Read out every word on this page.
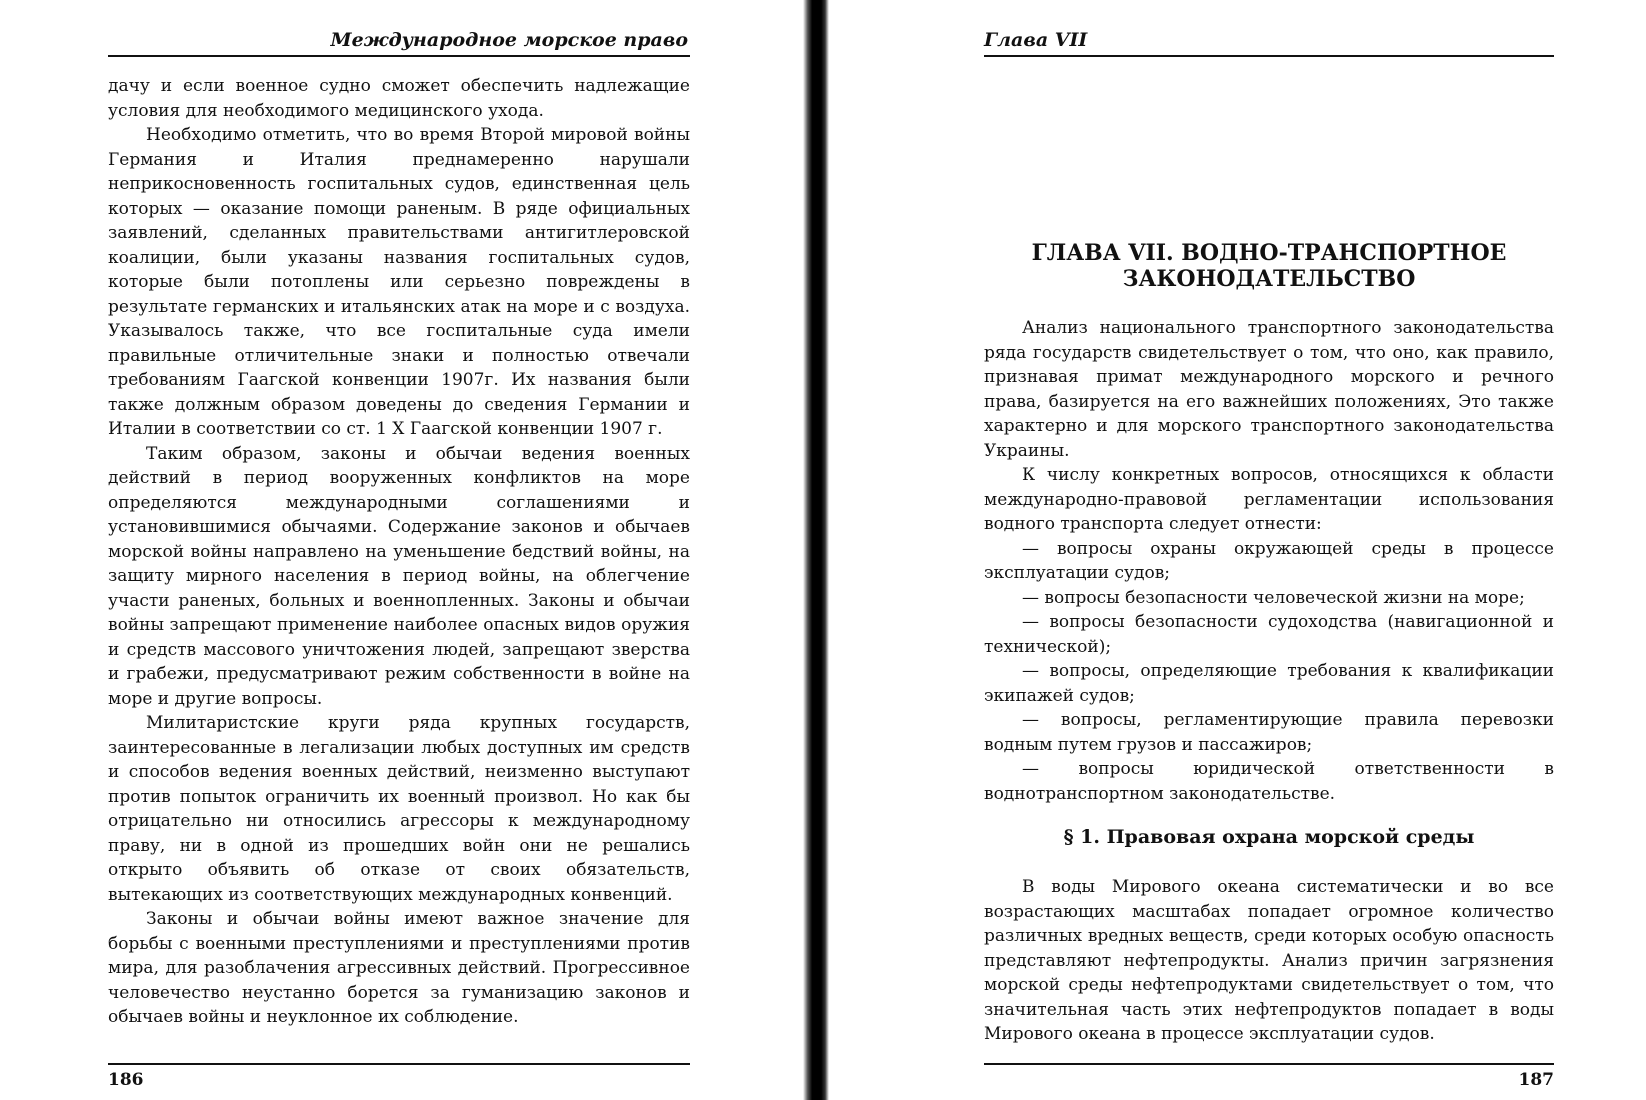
Международное морское право

дачу и если военное судно сможет обеспечить надлежащие условия для необходимого медицинского ухода.

Необходимо отметить, что во время Второй мировой войны Германия и Италия преднамеренно нарушали неприкосновенность госпитальных судов, единственная цель которых — оказание помощи раненым. В ряде официальных заявлений, сделанных правительствами антигитлеровской коалиции, были указаны названия госпитальных судов, которые были потоплены или серьезно повреждены в результате германских и итальянских атак на море и с воздуха. Указывалось также, что все госпитальные суда имели правильные отличительные знаки и полностью отвечали требованиям Гаагской конвенции 1907г. Их названия были также должным образом доведены до сведения Германии и Италии в соответствии со ст. 1 X Гаагской конвенции 1907 г.

Таким образом, законы и обычаи ведения военных действий в период вооруженных конфликтов на море определяются международными соглашениями и установившимися обычаями. Содержание законов и обычаев морской войны направлено на уменьшение бедствий войны, на защиту мирного населения в период войны, на облегчение участи раненых, больных и военнопленных. Законы и обычаи войны запрещают применение наиболее опасных видов оружия и средств массового уничтожения людей, запрещают зверства и грабежи, предусматривают режим собственности в войне на море и другие вопросы.

Милитаристские круги ряда крупных государств, заинтересованные в легализации любых доступных им средств и способов ведения военных действий, неизменно выступают против попыток ограничить их военный произвол. Но как бы отрицательно ни относились агрессоры к международному праву, ни в одной из прошедших войн они не решались открыто объявить об отказе от своих обязательств, вытекающих из соответствующих международных конвенций.

Законы и обычаи войны имеют важное значение для борьбы с военными преступлениями и преступлениями против мира, для разоблачения агрессивных действий. Прогрессивное человечество неустанно борется за гуманизацию законов и обычаев войны и неуклонное их соблюдение.

186
Глава VII
ГЛАВА VII. ВОДНО-ТРАНСПОРТНОЕ
ЗАКОНОДАТЕЛЬСТВО

Анализ национального транспортного законодательства ряда государств свидетельствует о том, что оно, как правило, признавая примат международного морского и речного права, базируется на его важнейших положениях, Это также характерно и для морского транспортного законодательства Украины.

К числу конкретных вопросов, относящихся к области международно-правовой регламентации использования водного транспорта следует отнести:

— вопросы охраны окружающей среды в процессе эксплуатации судов;

— вопросы безопасности человеческой жизни на море;

— вопросы безопасности судоходства (навигационной и технической);

— вопросы, определяющие требования к квалификации экипажей судов;

— вопросы, регламентирующие правила перевозки водным путем грузов и пассажиров;

— вопросы юридической ответственности в воднотранспортном законодательстве.

§ 1. Правовая охрана морской среды

В воды Мирового океана систематически и во все возрастающих масштабах попадает огромное количество различных вредных веществ, среди которых особую опасность представляют нефтепродукты. Анализ причин загрязнения морской среды нефтепродуктами свидетельствует о том, что значительная часть этих нефтепродуктов попадает в воды Мирового океана в процессе эксплуатации судов.

187
